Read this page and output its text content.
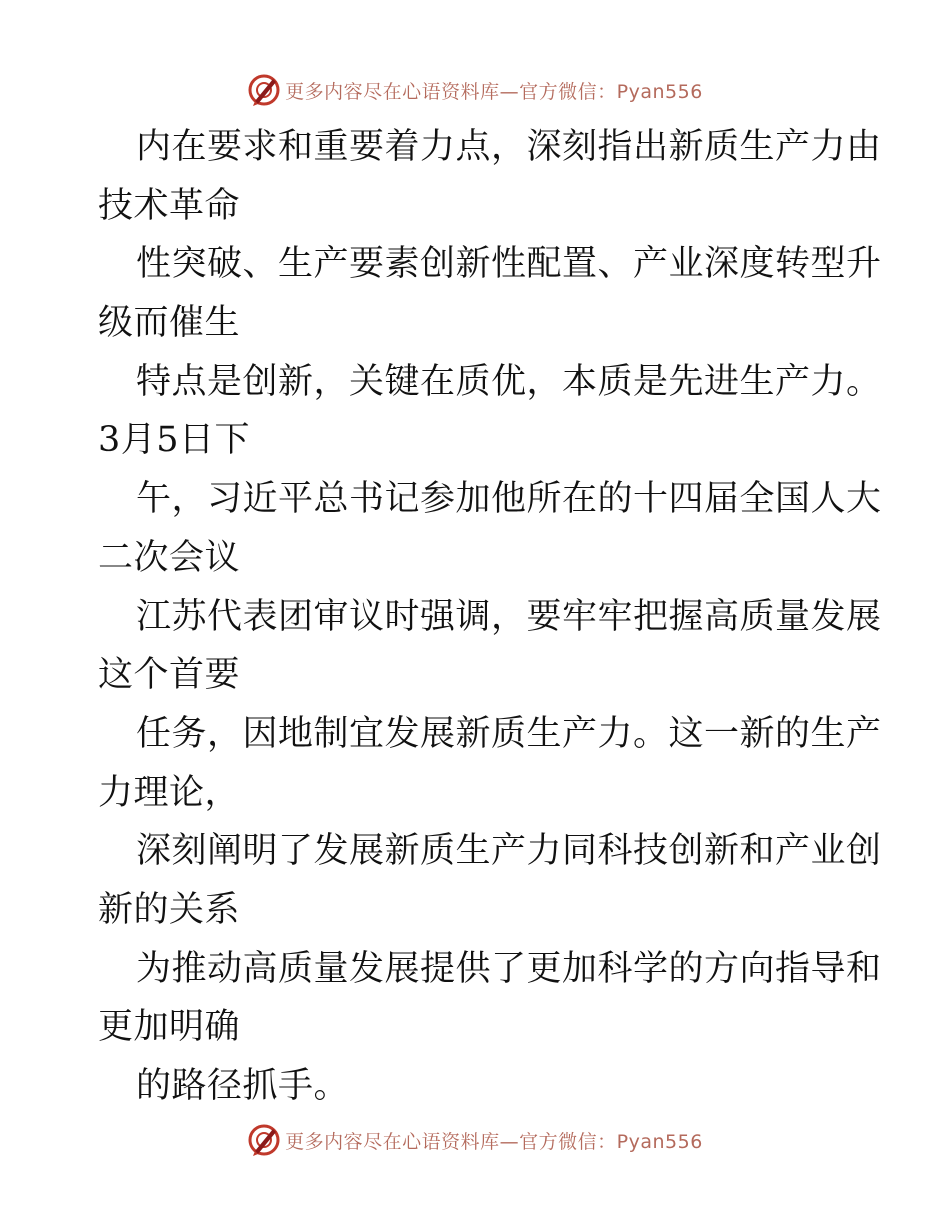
更多内容尽在心语资料库—官方微信：Pyan556
内在要求和重要着力点，深刻指出新质生产力由
技术革命
性突破、生产要素创新性配置、产业深度转型升
级而催生
特点是创新，关键在质优，本质是先进生产力。
3月5日下
午，习近平总书记参加他所在的十四届全国人大
二次会议
江苏代表团审议时强调，要牢牢把握高质量发展
这个首要
任务，因地制宜发展新质生产力。这一新的生产
力理论，
深刻阐明了发展新质生产力同科技创新和产业创
新的关系
为推动高质量发展提供了更加科学的方向指导和
更加明确
的路径抓手。
更多内容尽在心语资料库—官方微信：Pyan556
